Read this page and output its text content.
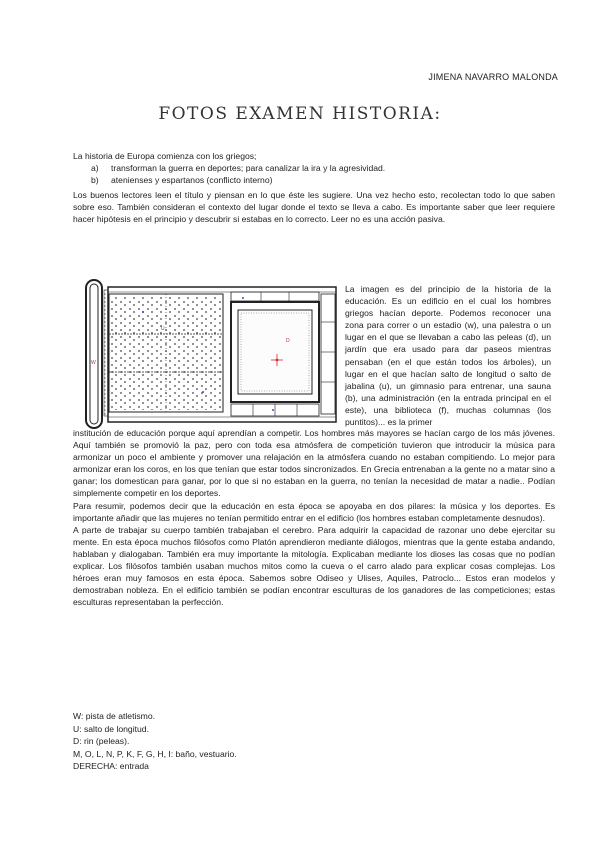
JIMENA NAVARRO MALONDA
FOTOS EXAMEN HISTORIA:
La historia de Europa comienza con los griegos;
a) transforman la guerra en deportes; para canalizar la ira y la agresividad.
b) atenienses y espartanos (conflicto interno)
Los buenos lectores leen el título y piensan en lo que éste les sugiere. Una vez hecho esto, recolectan todo lo que saben sobre eso. También consideran el contexto del lugar donde el texto se lleva a cabo. Es importante saber que leer requiere hacer hipótesis en el principio y descubrir si estabas en lo correcto. Leer no es una acción pasiva.
W
U
D
La imagen es del principio de la historia de la educación. Es un edificio en el cual los hombres griegos hacían deporte. Podemos reconocer una zona para correr o un estadio (w), una palestra o un lugar en el que se llevaban a cabo las peleas (d), un jardín que era usado para dar paseos mientras pensaban (en el que están todos los árboles), un lugar en el que hacían salto de longitud o salto de jabalina (u), un gimnasio para entrenar, una sauna (b), una administración (en la entrada principal en el este), una biblioteca (f), muchas columnas (los puntitos)... es la primer

institución de educación porque aquí aprendían a competir. Los hombres más mayores se hacían cargo de los más jóvenes. Aquí también se promovió la paz, pero con toda esa atmósfera de competición tuvieron que introducir la música para armonizar un poco el ambiente y promover una relajación en la atmósfera cuando no estaban compitiendo. Lo mejor para armonizar eran los coros, en los que tenían que estar todos sincronizados. En Grecia entrenaban a la gente no a matar sino a ganar; los domestican para ganar, por lo que si no estaban en la guerra, no tenían la necesidad de matar a nadie.. Podían simplemente competir en los deportes.

Para resumir, podemos decir que la educación en esta época se apoyaba en dos pilares: la música y los deportes. Es importante añadir que las mujeres no tenían permitido entrar en el edificio (los hombres estaban completamente desnudos).

A parte de trabajar su cuerpo también trabajaban el cerebro. Para adquirir la capacidad de razonar uno debe ejercitar su mente. En esta época muchos filósofos como Platón aprendieron mediante diálogos, mientras que la gente estaba andando, hablaban y dialogaban. También era muy importante la mitología. Explicaban mediante los dioses las cosas que no podían explicar. Los filósofos también usaban muchos mitos como la cueva o el carro alado para explicar cosas complejas. Los héroes eran muy famosos en esta época. Sabemos sobre Odiseo y Ulises, Aquiles, Patroclo... Estos eran modelos y demostraban nobleza. En el edificio también se podían encontrar esculturas de los ganadores de las competiciones; estas esculturas representaban la perfección.

W: pista de atletismo.
U: salto de longitud.
D: rin (peleas).
M, O, L, N, P, K, F, G, H, I: baño, vestuario.
DERECHA: entrada
